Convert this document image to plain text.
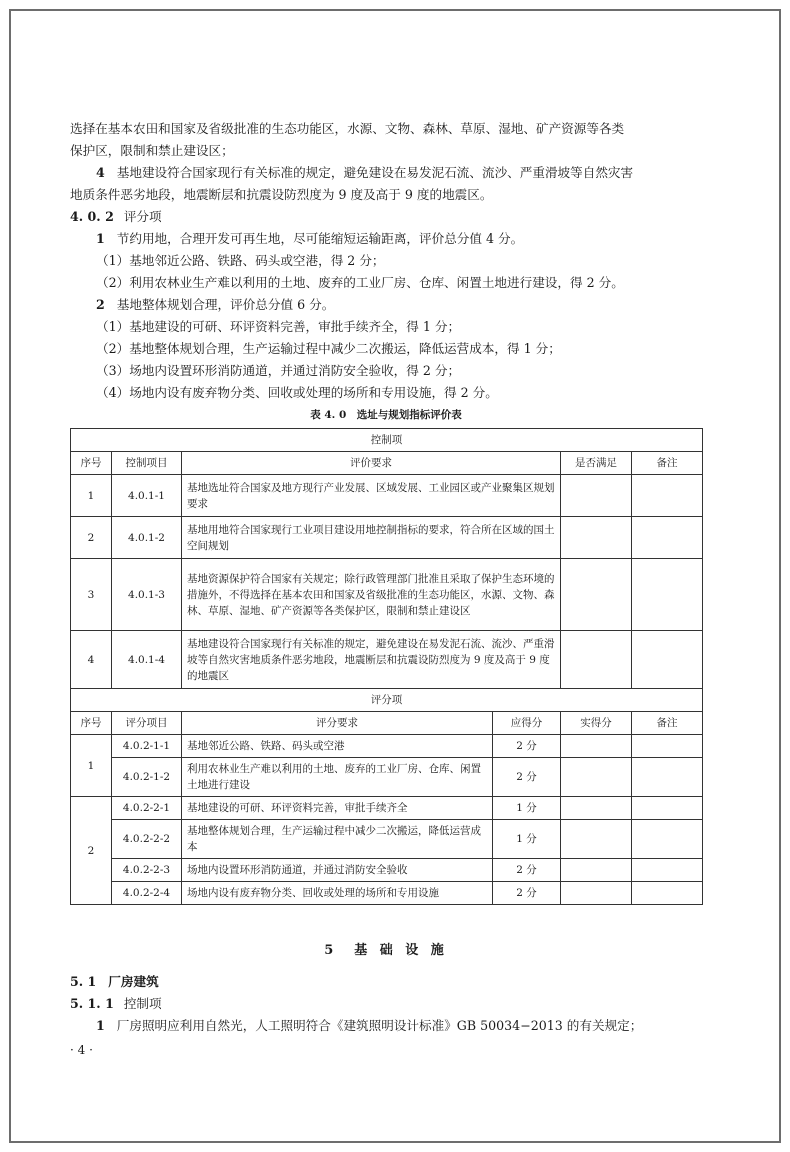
选择在基本农田和国家及省级批准的生态功能区，水源、文物、森林、草原、湿地、矿产资源等各类

保护区，限制和禁止建设区；

4 基地建设符合国家现行有关标准的规定，避免建设在易发泥石流、流沙、严重滑坡等自然灾害

地质条件恶劣地段，地震断层和抗震设防烈度为 9 度及高于 9 度的地震区。

4. 0. 2 评分项

1 节约用地，合理开发可再生地，尽可能缩短运输距离，评价总分值 4 分。

（1）基地邻近公路、铁路、码头或空港，得 2 分；

（2）利用农林业生产难以利用的土地、废弃的工业厂房、仓库、闲置土地进行建设，得 2 分。

2 基地整体规划合理，评价总分值 6 分。

（1）基地建设的可研、环评资料完善，审批手续齐全，得 1 分；

（2）基地整体规划合理，生产运输过程中减少二次搬运，降低运营成本，得 1 分；

（3）场地内设置环形消防通道，并通过消防安全验收，得 2 分；

（4）场地内设有废弃物分类、回收或处理的场所和专用设施，得 2 分。

表 4. 0　选址与规划指标评价表
控制项					
序号	控制项目	评价要求		是否满足	备注
1	4.0.1-1	基地选址符合国家及地方现行产业发展、区域发展、工业园区或产业聚集区规划要求			
2	4.0.1-2	基地用地符合国家现行工业项目建设用地控制指标的要求，符合所在区域的国土空间规划			
3	4.0.1-3	基地资源保护符合国家有关规定；除行政管理部门批准且采取了保护生态环境的措施外，不得选择在基本农田和国家及省级批准的生态功能区，水源、文物、森林、草原、湿地、矿产资源等各类保护区，限制和禁止建设区			
4	4.0.1-4	基地建设符合国家现行有关标准的规定，避免建设在易发泥石流、流沙、严重滑坡等自然灾害地质条件恶劣地段，地震断层和抗震设防烈度为 9 度及高于 9 度的地震区			
评分项					
序号	评分项目	评分要求	应得分	实得分	备注
1	4.0.2-1-1	基地邻近公路、铁路、码头或空港	2 分		
	4.0.2-1-2	利用农林业生产难以利用的土地、废弃的工业厂房、仓库、闲置土地进行建设	2 分		
2	4.0.2-2-1	基地建设的可研、环评资料完善，审批手续齐全	1 分		
	4.0.2-2-2	基地整体规划合理，生产运输过程中减少二次搬运，降低运营成本	1 分		
	4.0.2-2-3	场地内设置环形消防通道，并通过消防安全验收	2 分		
	4.0.2-2-4	场地内设有废弃物分类、回收或处理的场所和专用设施	2 分		
5　基 础 设 施

5. 1 厂房建筑

5. 1. 1 控制项

1 厂房照明应利用自然光，人工照明符合《建筑照明设计标准》GB 50034−2013 的有关规定；

· 4 ·
